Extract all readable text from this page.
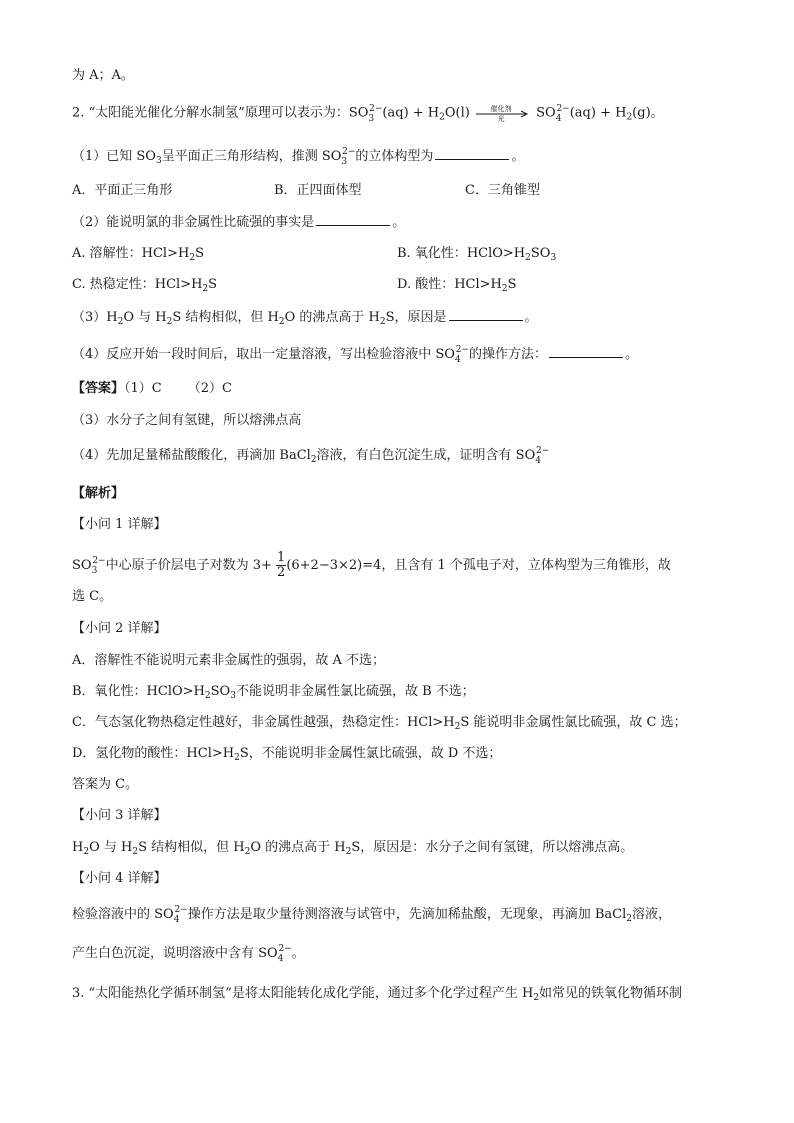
为 A；A。
2. “太阳能光催化分解水制氢”原理可以表示为：$SO_3^{2-}(aq) + H_2O(l)$	催化剂
光 $SO_4^{2-}(aq) + H_2(g)$。
（1）已知 $SO_3$呈平面正三角形结构，推测 $SO_3^{2-}$的立体构型为	。
A．平面正三角形	B．正四面体型	C．三角锥型
（2）能说明氯的非金属性比硫强的事实是	。
A. 溶解性：$HCl>H_2S$	B. 氧化性：$HClO>H_2SO_3$
C. 热稳定性：$HCl>H_2S$	D. 酸性：$HCl>H_2S$
$(3)H_2O$ 与 $H_2S$ 结构相似，但 $H_2O$ 的沸点高于 $H_2S$，原因是	。
（4）反应开始一段时间后，取出一定量溶液，写出检验溶液中 $SO_4^{2-}$的操作方法：	。
【答案】（1）C （2）C
（3）水分子之间有氢键，所以熔沸点高
（4）先加足量稀盐酸酸化，再滴加 BaCl$_2$溶液，有白色沉淀生成，证明含有 $SO_4^{2-}$
【解析】
【小问 1 详解】
$SO_3^{2-}$中心原子价层电子对数为 $3+ \frac{1}{2} (6+2-3\times 2)=4$，且含有 1 个孤电子对，立体构型为三角锥形，故
选 C。
【小问 2 详解】
A．溶解性不能说明元素非金属性的强弱，故 A 不选；
B．氧化性：$HClO>H_2SO_3$不能说明非金属性氯比硫强，故 B 不选；
C．气态氢化物热稳定性越好，非金属性越强，热稳定性：$HCl>H_2S$ 能说明非金属性氯比硫强，故 C 选；
D．氢化物的酸性：$HCl>H_2S$，不能说明非金属性氯比硫强，故 D 不选；
答案为 C。
【小问 3 详解】
$H_2O$ 与 $H_2S$ 结构相似，但 $H_2O$ 的沸点高于 $H_2S$，原因是：水分子之间有氢键，所以熔沸点高。
【小问 4 详解】
检验溶液中的 $SO_4^{2-}$操作方法是取少量待测溶液与试管中，先滴加稀盐酸，无现象，再滴加 BaCl$_2$溶液，
产生白色沉淀，说明溶液中含有 $SO_4^{2-}$。
3. “太阳能热化学循环制氢”是将太阳能转化成化学能，通过多个化学过程产生 $H_2$如常见的铁氧化物循环制
